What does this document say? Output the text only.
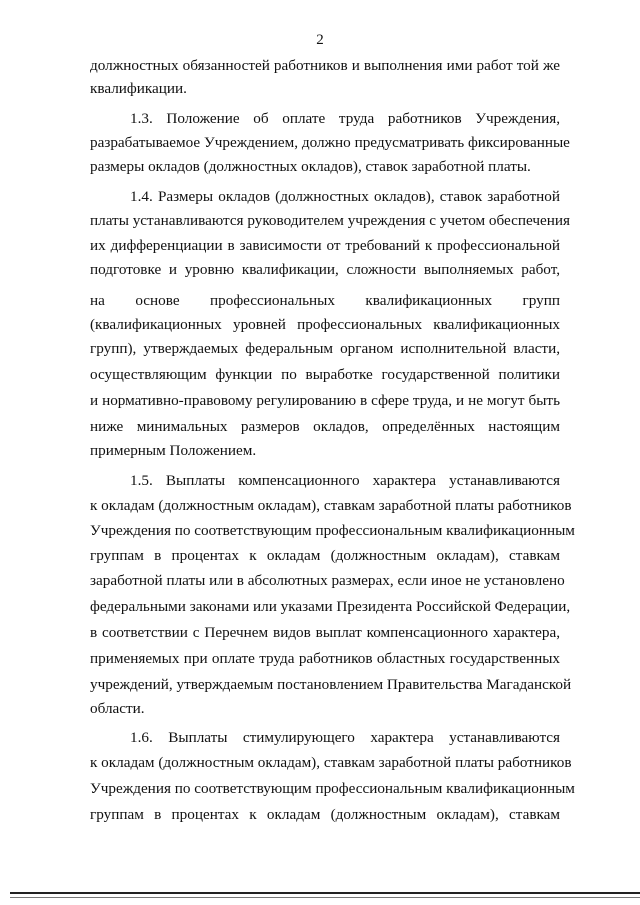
2
должностных обязанностей работников и выполнения ими работ той же
квалификации.
1.3. Положение об оплате труда работников Учреждения,
разрабатываемое Учреждением, должно предусматривать фиксированные
размеры окладов (должностных окладов), ставок заработной платы.
1.4. Размеры окладов (должностных окладов), ставок заработной
платы устанавливаются руководителем учреждения с учетом обеспечения
их дифференциации в зависимости от требований к профессиональной
подготовке и уровню квалификации, сложности выполняемых работ,
на основе профессиональных квалификационных групп
(квалификационных уровней профессиональных квалификационных
групп), утверждаемых федеральным органом исполнительной власти,
осуществляющим функции по выработке государственной политики
и нормативно-правовому регулированию в сфере труда, и не могут быть
ниже минимальных размеров окладов, определённых настоящим
примерным Положением.
1.5. Выплаты компенсационного характера устанавливаются
к окладам (должностным окладам), ставкам заработной платы работников
Учреждения по соответствующим профессиональным квалификационным
группам в процентах к окладам (должностным окладам), ставкам
заработной платы или в абсолютных размерах, если иное не установлено
федеральными законами или указами Президента Российской Федерации,
в соответствии с Перечнем видов выплат компенсационного характера,
применяемых при оплате труда работников областных государственных
учреждений, утверждаемым постановлением Правительства Магаданской
области.
1.6. Выплаты стимулирующего характера устанавливаются
к окладам (должностным окладам), ставкам заработной платы работников
Учреждения по соответствующим профессиональным квалификационным
группам в процентах к окладам (должностным окладам), ставкам
